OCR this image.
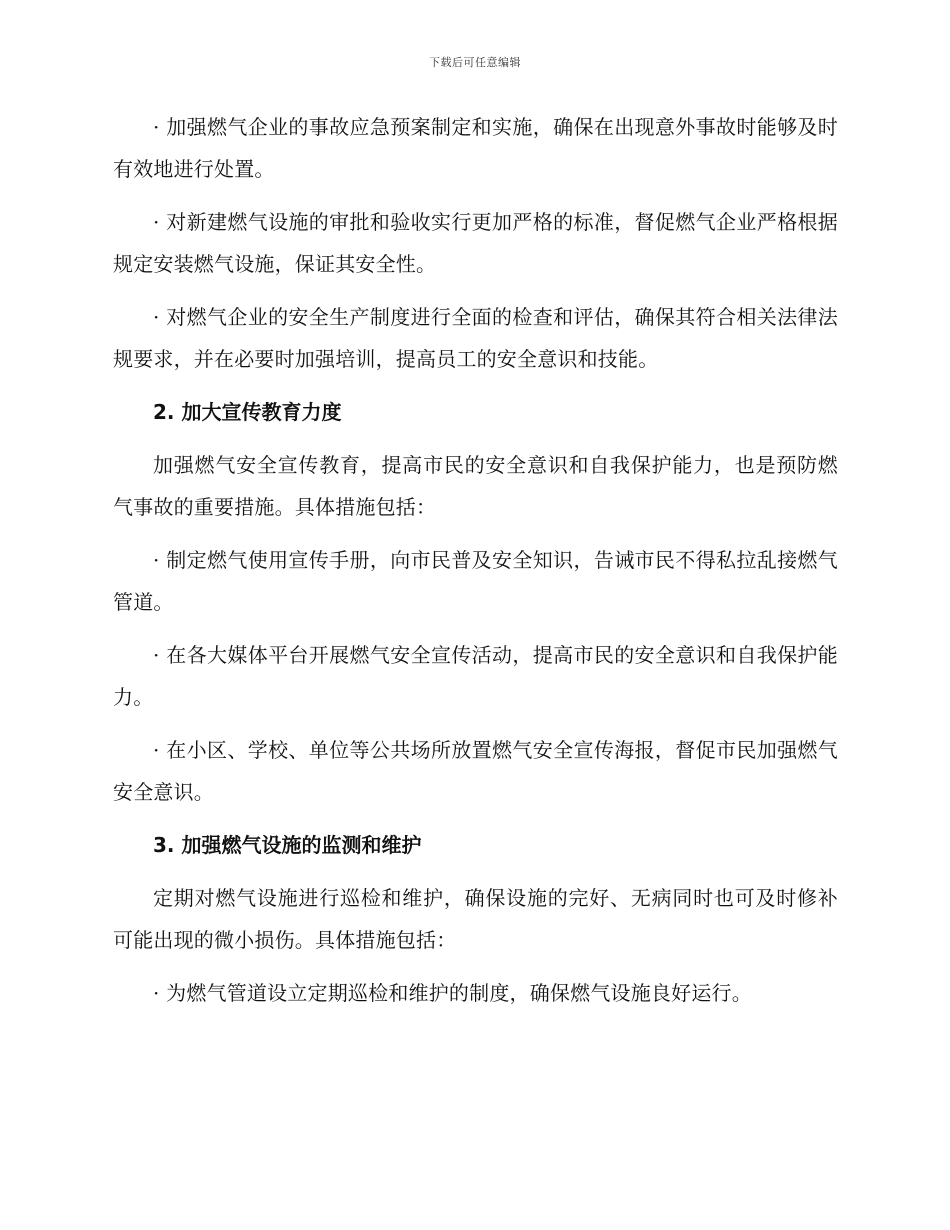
下载后可任意编辑

· 加强燃气企业的事故应急预案制定和实施，确保在出现意外事故时能够及时有效地进行处置。

· 对新建燃气设施的审批和验收实行更加严格的标准，督促燃气企业严格根据规定安装燃气设施，保证其安全性。

· 对燃气企业的安全生产制度进行全面的检查和评估，确保其符合相关法律法规要求，并在必要时加强培训，提高员工的安全意识和技能。

2. 加大宣传教育力度

加强燃气安全宣传教育，提高市民的安全意识和自我保护能力，也是预防燃气事故的重要措施。具体措施包括：

· 制定燃气使用宣传手册，向市民普及安全知识，告诫市民不得私拉乱接燃气管道。

· 在各大媒体平台开展燃气安全宣传活动，提高市民的安全意识和自我保护能力。

· 在小区、学校、单位等公共场所放置燃气安全宣传海报，督促市民加强燃气安全意识。

3. 加强燃气设施的监测和维护

定期对燃气设施进行巡检和维护，确保设施的完好、无病同时也可及时修补可能出现的微小损伤。具体措施包括：

· 为燃气管道设立定期巡检和维护的制度，确保燃气设施良好运行。
